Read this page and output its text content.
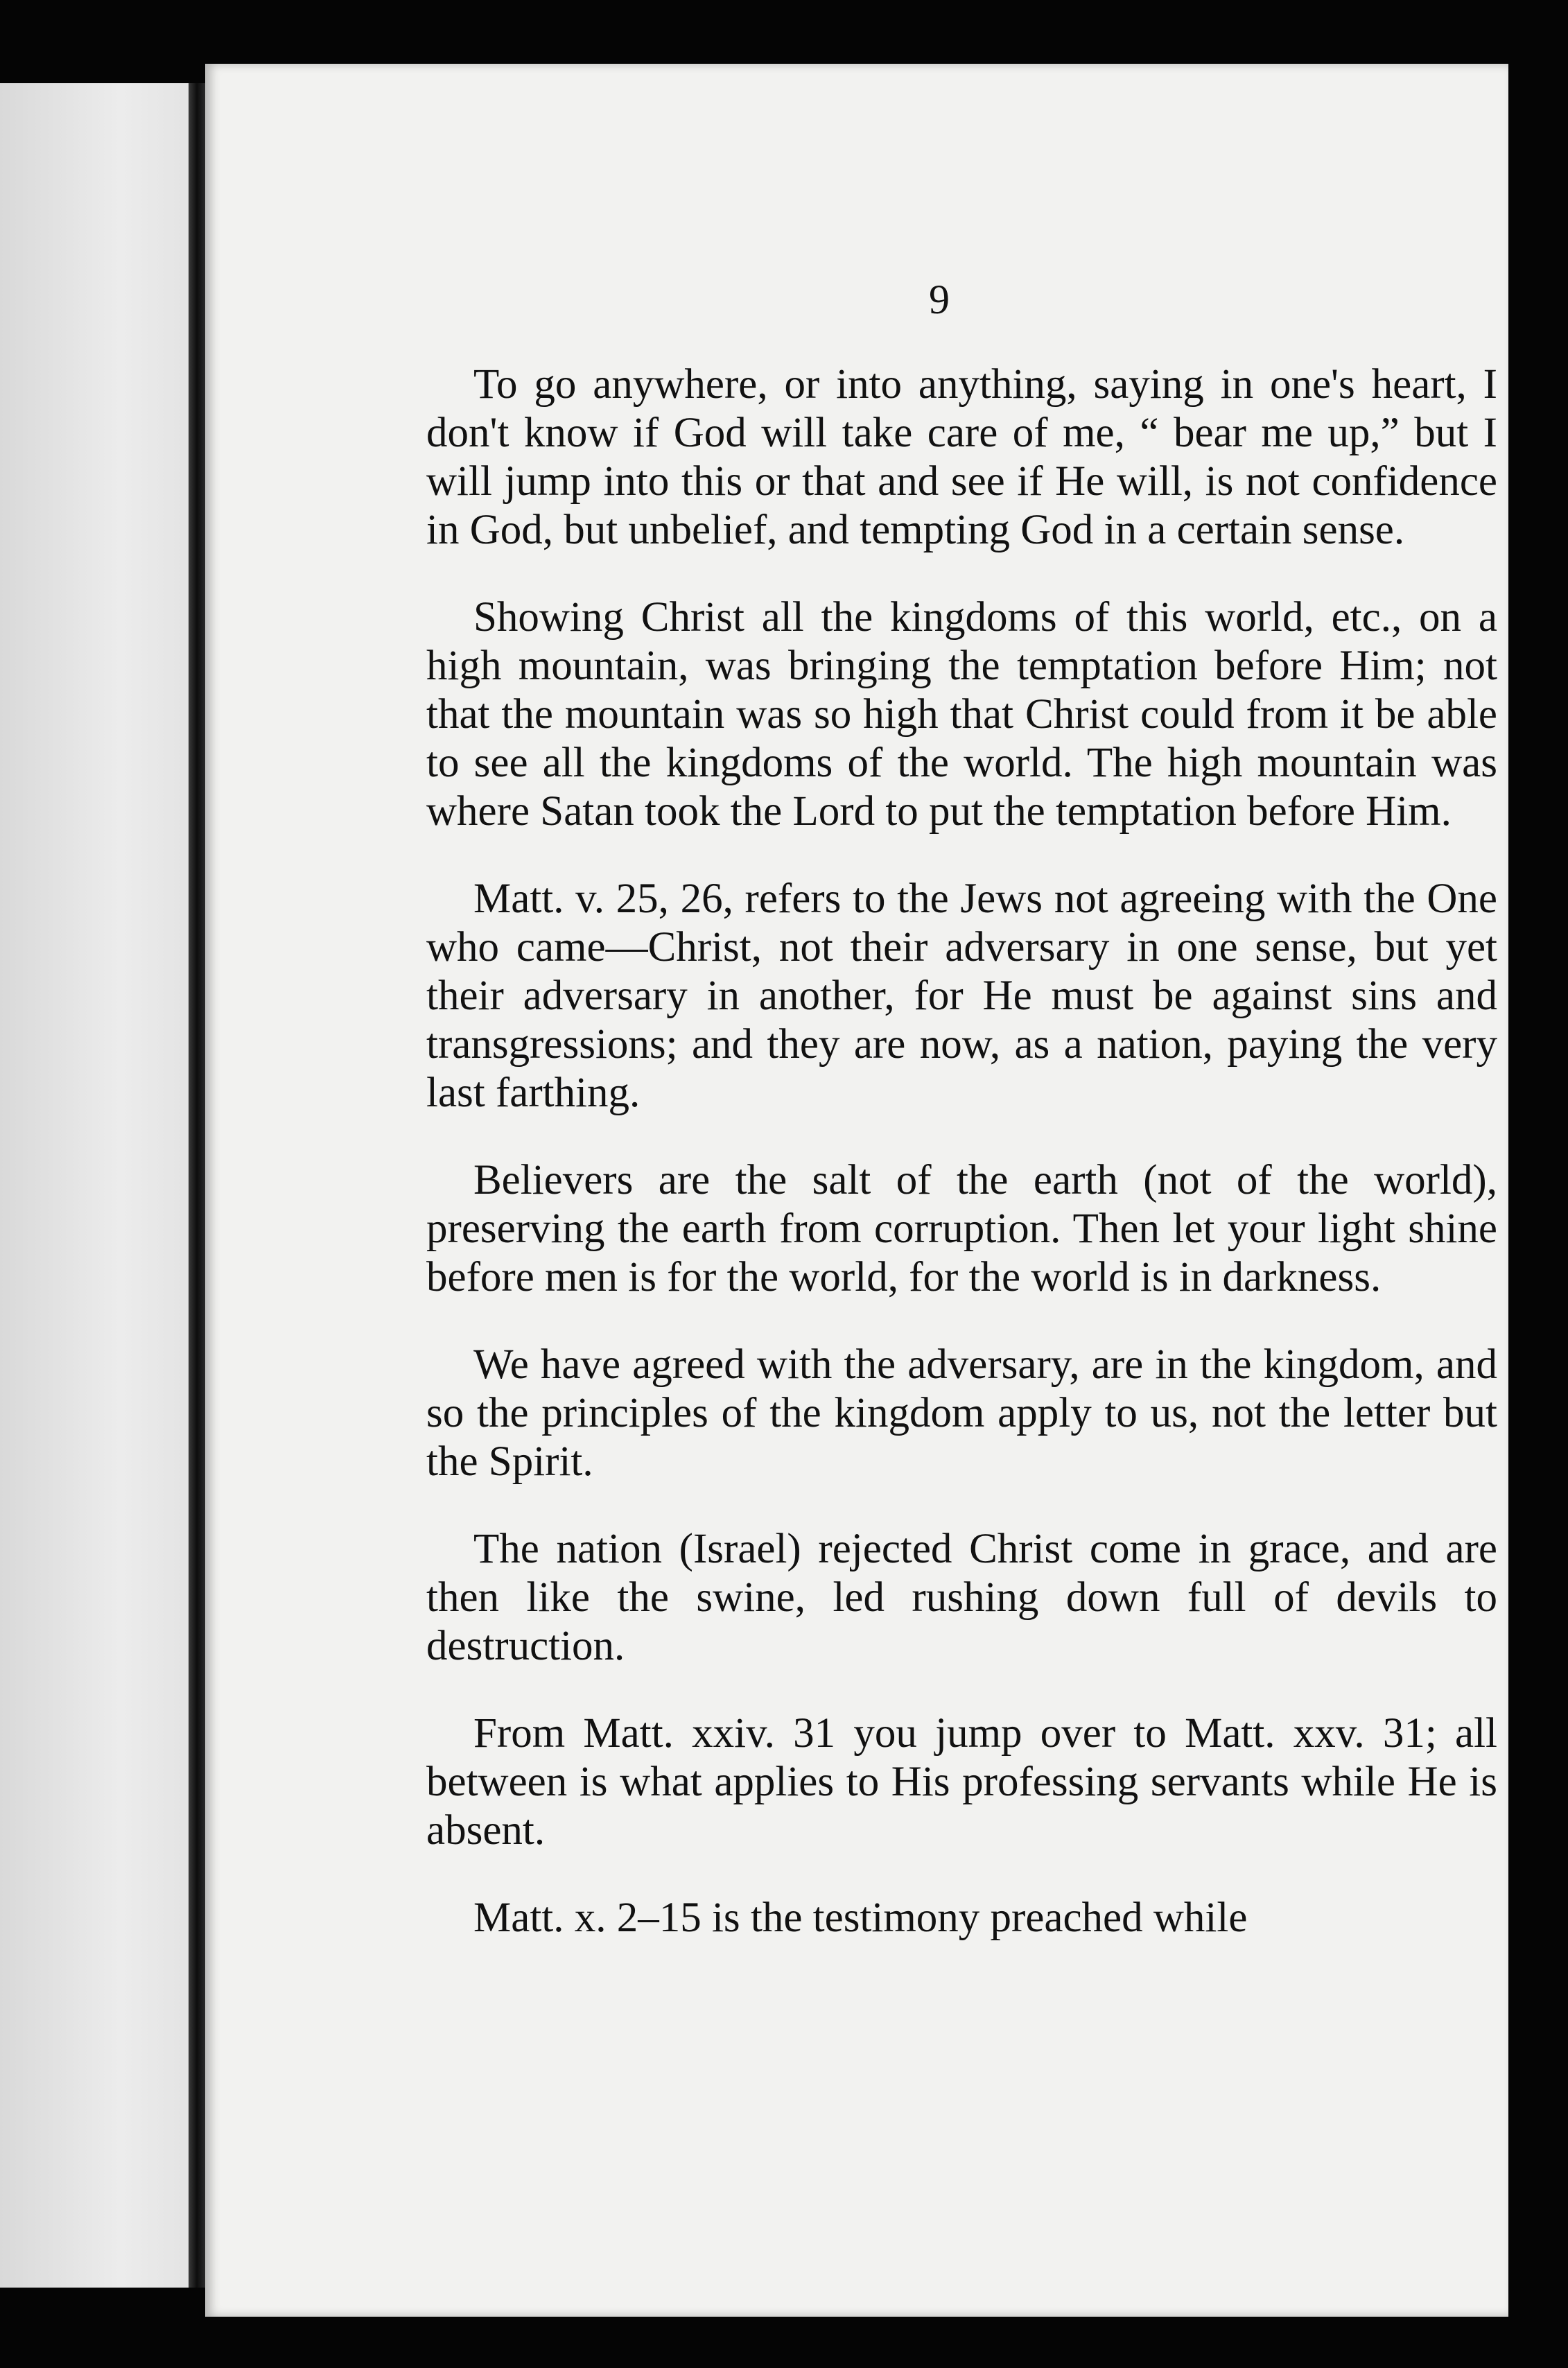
9

To go anywhere, or into anything, saying in one's heart, I don't know if God will take care of me, “ bear me up,” but I will jump into this or that and see if He will, is not confidence in God, but unbelief, and tempting God in a certain sense.

Showing Christ all the kingdoms of this world, etc., on a high mountain, was bringing the temptation before Him; not that the mountain was so high that Christ could from it be able to see all the kingdoms of the world. The high mountain was where Satan took the Lord to put the temptation before Him.

Matt. v. 25, 26, refers to the Jews not agreeing with the One who came—Christ, not their adversary in one sense, but yet their adversary in another, for He must be against sins and transgressions; and they are now, as a nation, paying the very last farthing.

Believers are the salt of the earth (not of the world), preserving the earth from corruption. Then let your light shine before men is for the world, for the world is in darkness.

We have agreed with the adversary, are in the kingdom, and so the principles of the kingdom apply to us, not the letter but the Spirit.

The nation (Israel) rejected Christ come in grace, and are then like the swine, led rushing down full of devils to destruction.

From Matt. xxiv. 31 you jump over to Matt. xxv. 31; all between is what applies to His professing servants while He is absent.

Matt. x. 2–15 is the testimony preached while
